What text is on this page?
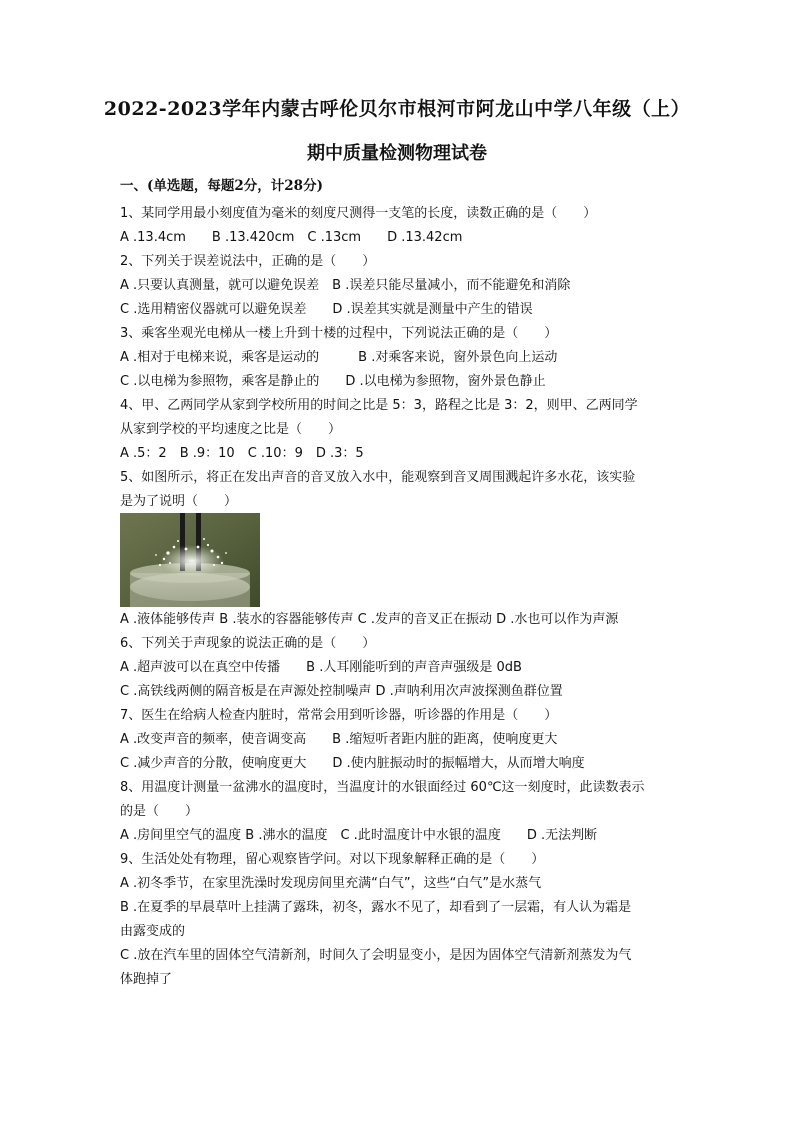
2022-2023学年内蒙古呼伦贝尔市根河市阿龙山中学八年级（上）
期中质量检测物理试卷
一、(单选题，每题2分，计28分)
1、某同学用最小刻度值为毫米的刻度尺测得一支笔的长度，读数正确的是（　　）
A .13.4cm　　B .13.420cm　C .13cm　　D .13.42cm
2、下列关于误差说法中，正确的是（　　）
A .只要认真测量，就可以避免误差　B .误差只能尽量减小，而不能避免和消除
C .选用精密仪器就可以避免误差　　D .误差其实就是测量中产生的错误
3、乘客坐观光电梯从一楼上升到十楼的过程中，下列说法正确的是（　　）
A .相对于电梯来说，乘客是运动的　　　B .对乘客来说，窗外景色向上运动
C .以电梯为参照物，乘客是静止的　　D .以电梯为参照物，窗外景色静止
4、甲、乙两同学从家到学校所用的时间之比是 5：3，路程之比是 3：2，则甲、乙两同学
从家到学校的平均速度之比是（　　）
A .5：2　B .9：10　C .10：9　D .3：5
5、如图所示，将正在发出声音的音叉放入水中，能观察到音叉周围溅起许多水花，该实验
是为了说明（　　）
A .液体能够传声 B .装水的容器能够传声 C .发声的音叉正在振动 D .水也可以作为声源
6、下列关于声现象的说法正确的是（　　）
A .超声波可以在真空中传播　　B .人耳刚能听到的声音声强级是 0dB
C .高铁线两侧的隔音板是在声源处控制噪声 D .声呐利用次声波探测鱼群位置
7、医生在给病人检查内脏时，常常会用到听诊器，听诊器的作用是（　　）
A .改变声音的频率，使音调变高　　B .缩短听者距内脏的距离，使响度更大
C .减少声音的分散，使响度更大　　D .使内脏振动时的振幅增大，从而增大响度
8、用温度计测量一盆沸水的温度时，当温度计的水银面经过 60℃这一刻度时，此读数表示
的是（　　）
A .房间里空气的温度 B .沸水的温度　C .此时温度计中水银的温度　　D .无法判断
9、生活处处有物理，留心观察皆学问。对以下现象解释正确的是（　　）
A .初冬季节，在家里洗澡时发现房间里充满“白气”，这些“白气”是水蒸气
B .在夏季的早晨草叶上挂满了露珠，初冬，露水不见了，却看到了一层霜，有人认为霜是
由露变成的
C .放在汽车里的固体空气清新剂，时间久了会明显变小，是因为固体空气清新剂蒸发为气
体跑掉了
